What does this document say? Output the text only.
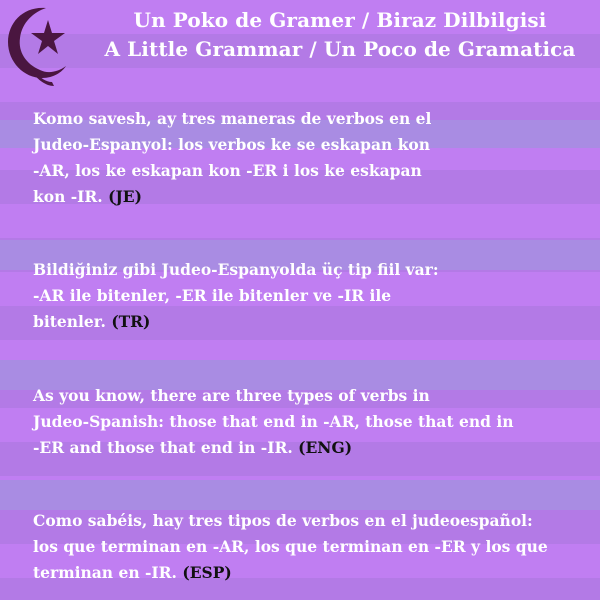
Un Poko de Gramer / Biraz Dilbilgisi
A Little Grammar / Un Poco de Gramatica
Komo savesh, ay tres maneras de verbos en el
Judeo-Espanyol: los verbos ke se eskapan kon
-AR, los ke eskapan kon -ER i los ke eskapan
kon -IR. (JE)
Bildiğiniz gibi Judeo-Espanyolda üç tip fiil var:
-AR ile bitenler, -ER ile bitenler ve -IR ile
bitenler. (TR)
As you know, there are three types of verbs in
Judeo-Spanish: those that end in -AR, those that end in
-ER and those that end in -IR. (ENG)
Como sabéis, hay tres tipos de verbos en el judeoespañol:
los que terminan en -AR, los que terminan en -ER y los que
terminan en -IR. (ESP)
